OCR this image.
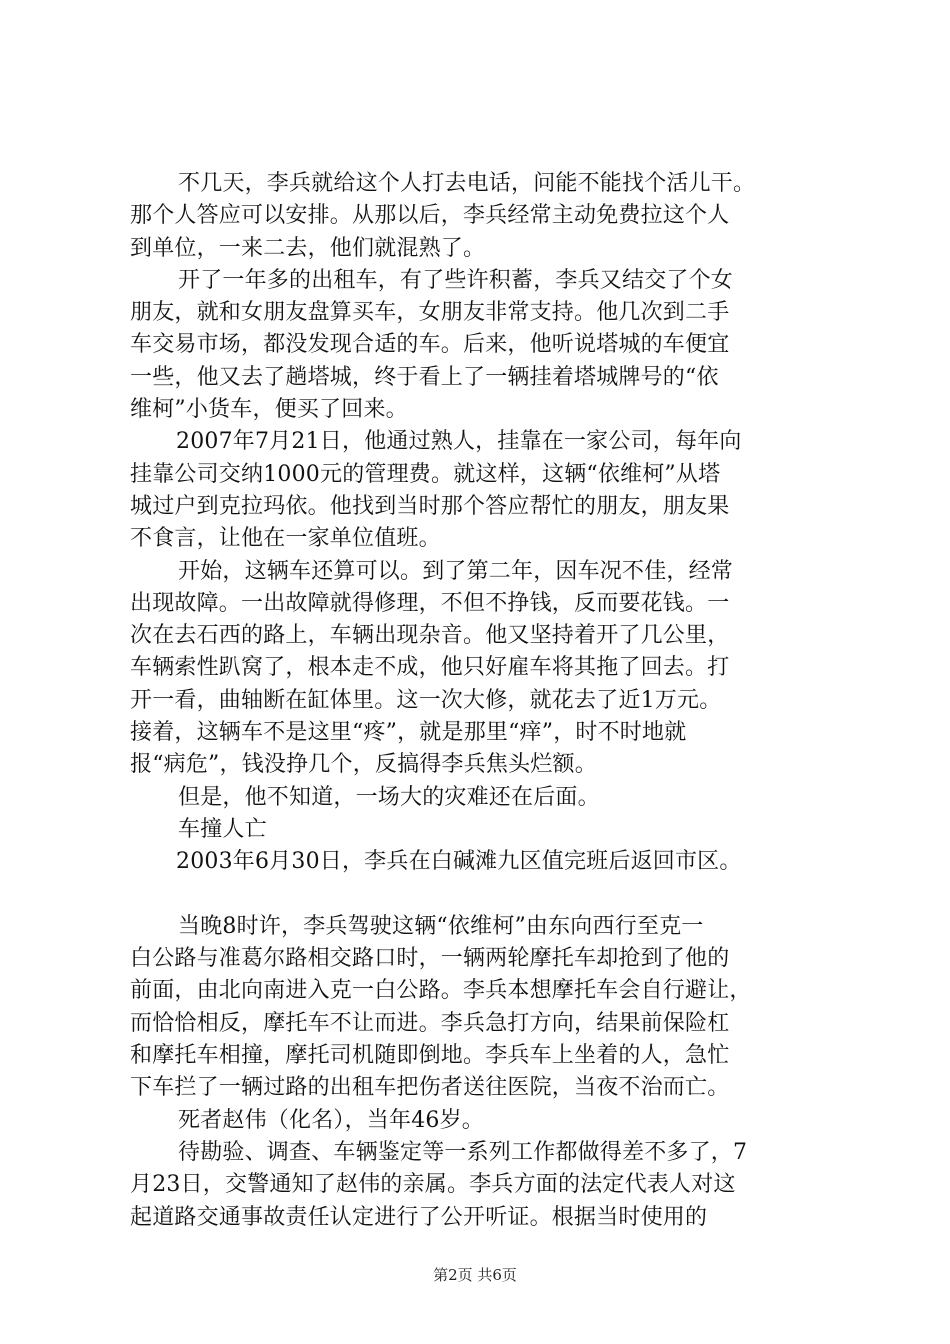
不几天，李兵就给这个人打去电话，问能不能找个活儿干。
那个人答应可以安排。从那以后，李兵经常主动免费拉这个人
到单位，一来二去，他们就混熟了。
开了一年多的出租车，有了些许积蓄，李兵又结交了个女
朋友，就和女朋友盘算买车，女朋友非常支持。他几次到二手
车交易市场，都没发现合适的车。后来，他听说塔城的车便宜
一些，他又去了趟塔城，终于看上了一辆挂着塔城牌号的“依
维柯”小货车，便买了回来。
2007年7月21日，他通过熟人，挂靠在一家公司，每年向
挂靠公司交纳1000元的管理费。就这样，这辆“依维柯”从塔
城过户到克拉玛依。他找到当时那个答应帮忙的朋友，朋友果
不食言，让他在一家单位值班。
开始，这辆车还算可以。到了第二年，因车况不佳，经常
出现故障。一出故障就得修理，不但不挣钱，反而要花钱。一
次在去石西的路上，车辆出现杂音。他又坚持着开了几公里，
车辆索性趴窝了，根本走不成，他只好雇车将其拖了回去。打
开一看，曲轴断在缸体里。这一次大修，就花去了近1万元。
接着，这辆车不是这里“疼”，就是那里“痒”，时不时地就
报“病危”，钱没挣几个，反搞得李兵焦头烂额。
但是，他不知道，一场大的灾难还在后面。
车撞人亡
2003年6月30日，李兵在白碱滩九区值完班后返回市区。
当晚8时许，李兵驾驶这辆“依维柯”由东向西行至克一
白公路与准葛尔路相交路口时，一辆两轮摩托车却抢到了他的
前面，由北向南进入克一白公路。李兵本想摩托车会自行避让，
而恰恰相反，摩托车不让而进。李兵急打方向，结果前保险杠
和摩托车相撞，摩托司机随即倒地。李兵车上坐着的人，急忙
下车拦了一辆过路的出租车把伤者送往医院，当夜不治而亡。
死者赵伟（化名），当年46岁。
待勘验、调查、车辆鉴定等一系列工作都做得差不多了，7
月23日，交警通知了赵伟的亲属。李兵方面的法定代表人对这
起道路交通事故责任认定进行了公开听证。根据当时使用的
第2页 共6页
